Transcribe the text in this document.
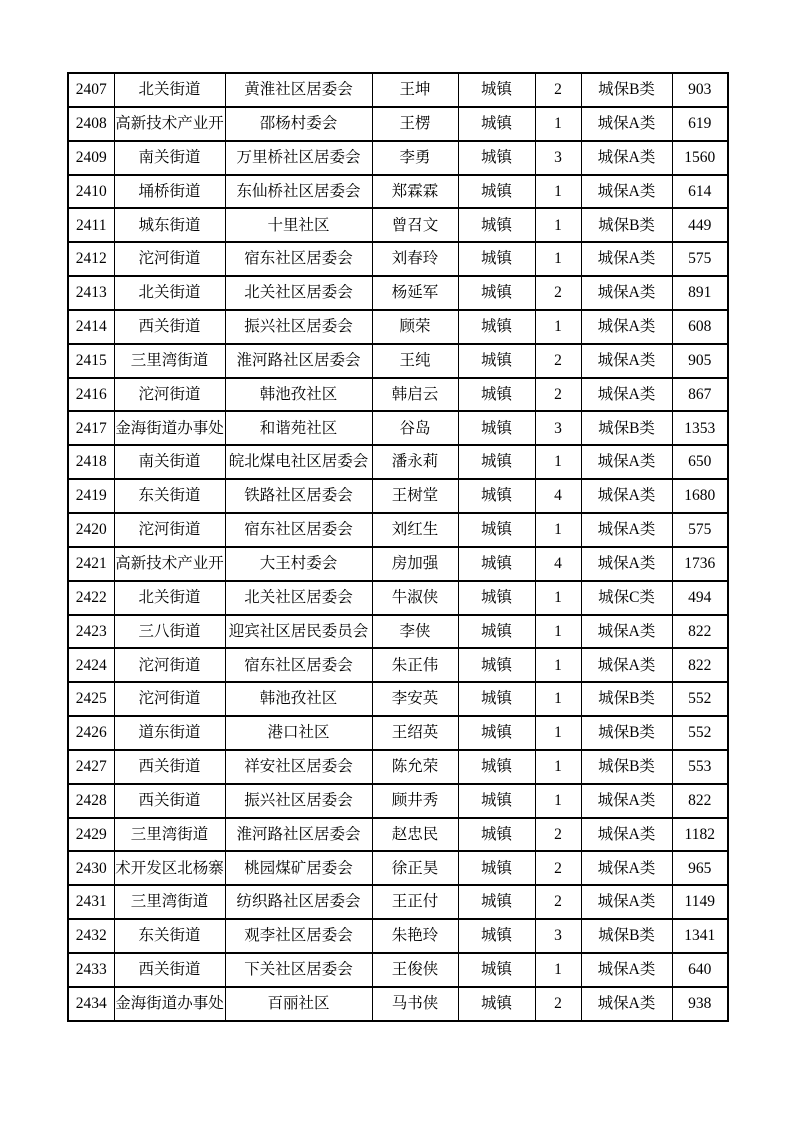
2407	北关街道	黄淮社区居委会	王坤	城镇	2	城保B类	903
2408	高新技术产业开	邵杨村委会	王楞	城镇	1	城保A类	619
2409	南关街道	万里桥社区居委会	李勇	城镇	3	城保A类	1560
2410	埇桥街道	东仙桥社区居委会	郑霖霖	城镇	1	城保A类	614
2411	城东街道	十里社区	曾召文	城镇	1	城保B类	449
2412	沱河街道	宿东社区居委会	刘春玲	城镇	1	城保A类	575
2413	北关街道	北关社区居委会	杨延军	城镇	2	城保A类	891
2414	西关街道	振兴社区居委会	顾荣	城镇	1	城保A类	608
2415	三里湾街道	淮河路社区居委会	王纯	城镇	2	城保A类	905
2416	沱河街道	韩池孜社区	韩启云	城镇	2	城保A类	867
2417	金海街道办事处	和谐苑社区	谷岛	城镇	3	城保B类	1353
2418	南关街道	皖北煤电社区居委会	潘永莉	城镇	1	城保A类	650
2419	东关街道	铁路社区居委会	王树堂	城镇	4	城保A类	1680
2420	沱河街道	宿东社区居委会	刘红生	城镇	1	城保A类	575
2421	高新技术产业开	大王村委会	房加强	城镇	4	城保A类	1736
2422	北关街道	北关社区居委会	牛淑侠	城镇	1	城保C类	494
2423	三八街道	迎宾社区居民委员会	李侠	城镇	1	城保A类	822
2424	沱河街道	宿东社区居委会	朱正伟	城镇	1	城保A类	822
2425	沱河街道	韩池孜社区	李安英	城镇	1	城保B类	552
2426	道东街道	港口社区	王绍英	城镇	1	城保B类	552
2427	西关街道	祥安社区居委会	陈允荣	城镇	1	城保B类	553
2428	西关街道	振兴社区居委会	顾井秀	城镇	1	城保A类	822
2429	三里湾街道	淮河路社区居委会	赵忠民	城镇	2	城保A类	1182
2430	术开发区北杨寨	桃园煤矿居委会	徐正昊	城镇	2	城保A类	965
2431	三里湾街道	纺织路社区居委会	王正付	城镇	2	城保A类	1149
2432	东关街道	观李社区居委会	朱艳玲	城镇	3	城保B类	1341
2433	西关街道	下关社区居委会	王俊侠	城镇	1	城保A类	640
2434	金海街道办事处	百丽社区	马书侠	城镇	2	城保A类	938
